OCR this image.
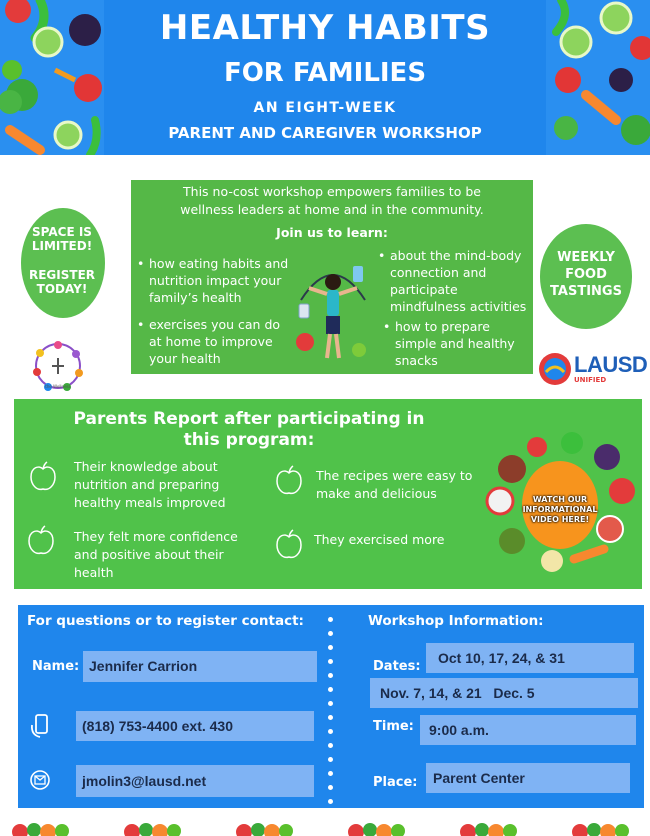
HEALTHY HABITS
FOR FAMILIES
AN EIGHT-WEEK
PARENT AND CAREGIVER WORKSHOP
SPACE IS
LIMITED!
REGISTER
TODAY!
the Wellness
This no-cost workshop empowers families to be
wellness leaders at home and in the community.
Join us to learn:
• how eating habits and nutrition impact your family’s health
• exercises you can do at home to improve your health
• about the mind-body connection and participate mindfulness activities
• how to prepare simple and healthy snacks
WEEKLY
FOOD
TASTINGS
LAUSD
UNIFIED
Parents Report after participating in
this program:
Their knowledge about nutrition and preparing healthy meals improved
They felt more confidence and positive about their health
The recipes were easy to make and delicious
They exercised more
WATCH OUR
INFORMATIONAL
VIDEO HERE!
For questions or to register contact:
Name: Jennifer Carrion
(818) 753-4400 ext. 430
jmolin3@lausd.net
Workshop Information:
Dates:
Oct 10, 17, 24, & 31
Nov. 7, 14, & 21   Dec. 5
Time:	9:00 a.m.
Place:	Parent Center
